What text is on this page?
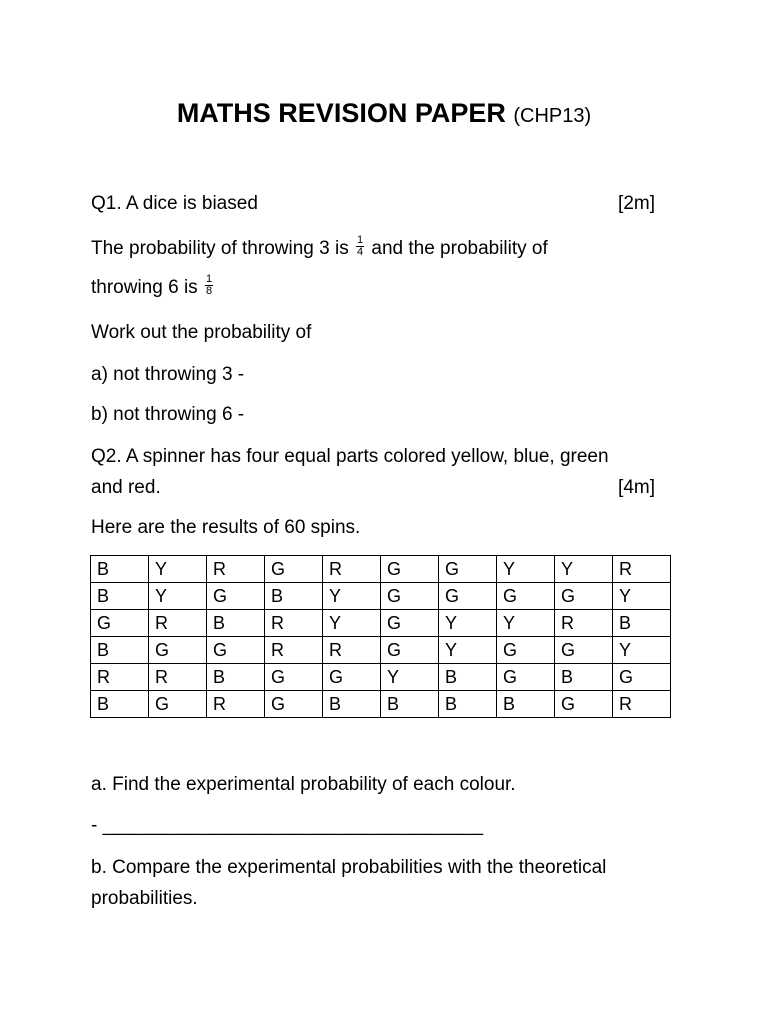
MATHS REVISION PAPER (CHP13)
Q1. A dice is biased	[2m]
The probability of throwing 3 is $\frac{1}{4}$ and the probability of
throwing 6 is $\frac{1}{8}$
Work out the probability of
a) not throwing 3 -
b) not throwing 6 -
Q2. A spinner has four equal parts colored yellow, blue, green
and red.	[4m]
Here are the results of 60 spins.
B	Y	R	G	R	G	G	Y	Y	R
B	Y	G	B	Y	G	G	G	G	Y
G	R	B	R	Y	G	Y	Y	R	B
B	G	G	R	R	G	Y	G	G	Y
R	R	B	G	G	Y	B	G	B	G
B	G	R	G	B	B	B	B	G	R
a. Find the experimental probability of each colour.
- ____________________________________
b. Compare the experimental probabilities with the theoretical
probabilities.
